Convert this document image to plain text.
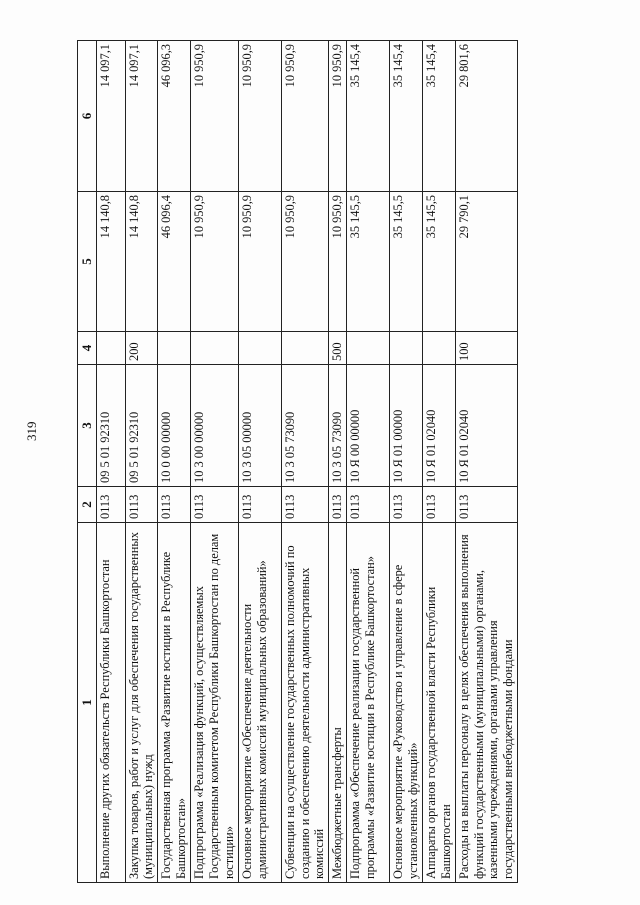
319
1	2	3	4	5	6
Выполнение других обязательств Республики Башкортостан	0113	09 5 01 92310		14 140,8	14 097,1
Закупка товаров, работ и услуг для обеспечения государственных (муниципальных) нужд	0113	09 5 01 92310	200	14 140,8	14 097,1
Государственная программа «Развитие юстиции в Республике Башкортостан»	0113	10 0 00 00000		46 096,4	46 096,3
Подпрограмма «Реализация функций, осуществляемых Государственным комитетом Республики Башкортостан по делам юстиции»	0113	10 3 00 00000		10 950,9	10 950,9
Основное мероприятие «Обеспечение деятельности административных комиссий муниципальных образований»	0113	10 3 05 00000		10 950,9	10 950,9
Субвенции на осуществление государственных полномочий по созданию и обеспечению деятельности административных комиссий	0113	10 3 05 73090		10 950,9	10 950,9
Межбюджетные трансферты	0113	10 3 05 73090	500	10 950,9	10 950,9
Подпрограмма «Обеспечение реализации государственной программы «Развитие юстиции в Республике Башкортостан»	0113	10 Я 00 00000		35 145,5	35 145,4
Основное мероприятие «Руководство и управление в сфере установленных функций»	0113	10 Я 01 00000		35 145,5	35 145,4
Аппараты органов государственной власти Республики Башкортостан	0113	10 Я 01 02040		35 145,5	35 145,4
Расходы на выплаты персоналу в целях обеспечения выполнения функций государственными (муниципальными) органами, казенными учреждениями, органами управления государственными внебюджетными фондами	0113	10 Я 01 02040	100	29 790,1	29 801,6
